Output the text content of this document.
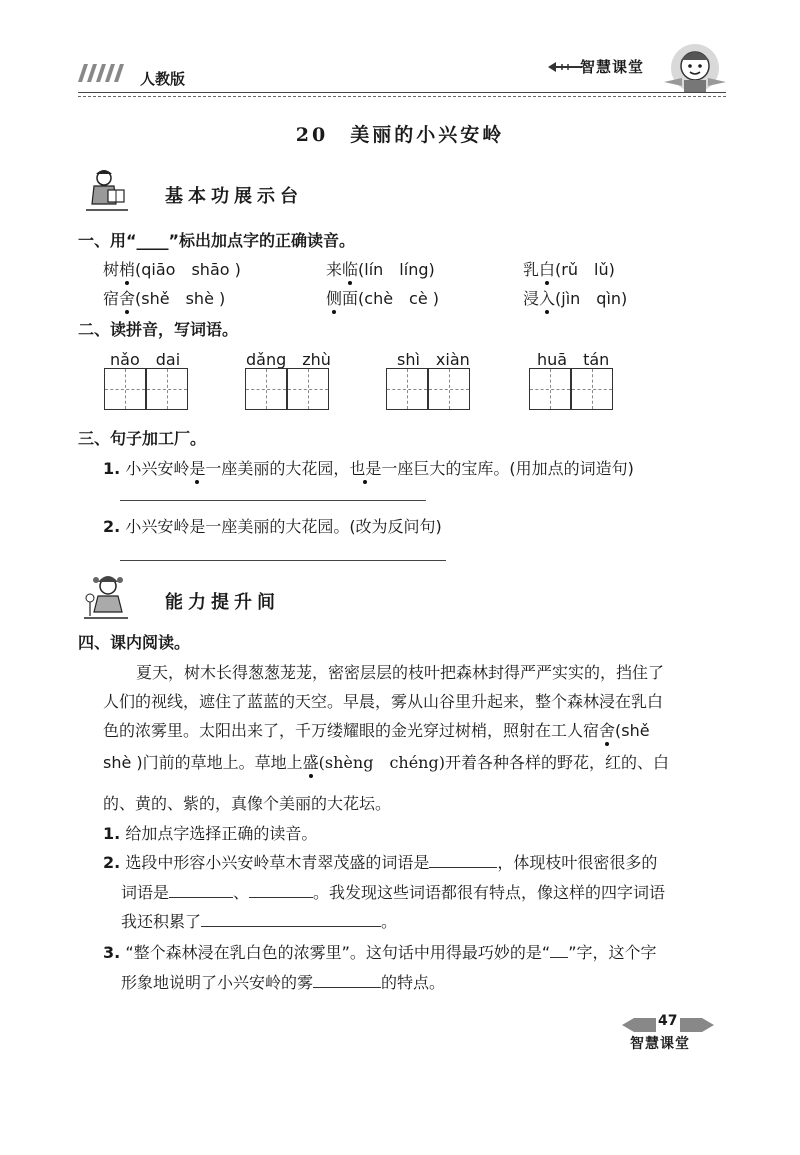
人教版
智慧课堂
20　美丽的小兴安岭
基本功展示台
一、用“____”标出加点字的正确读音。
树梢(qiāo　shāo )	来临(lín　líng)	乳白(rǔ　lǔ)
宿舍(shě　shè )	侧面(chè　cè )	浸入(jìn　qìn)
二、读拼音，写词语。
nǎo　dai	dǎng　zhù	shì　xiàn	huā　tán
三、句子加工厂。
1. 小兴安岭是一座美丽的大花园，也是一座巨大的宝库。(用加点的词造句)
2. 小兴安岭是一座美丽的大花园。(改为反问句)
能力提升间
四、课内阅读。
夏天，树木长得葱葱茏茏，密密层层的枝叶把森林封得严严实实的，挡住了
人们的视线，遮住了蓝蓝的天空。早晨，雾从山谷里升起来，整个森林浸在乳白
色的浓雾里。太阳出来了，千万缕耀眼的金光穿过树梢，照射在工人宿舍(shě
shè )门前的草地上。草地上盛(shèng　chéng)开着各种各样的野花，红的、白
的、黄的、紫的，真像个美丽的大花坛。
1. 给加点字选择正确的读音。
2. 选段中形容小兴安岭草木青翠茂盛的词语是	，体现枝叶很密很多的
词语是	、	。我发现这些词语都很有特点，像这样的四字词语
我还积累了	。
3. “整个森林浸在乳白色的浓雾里”。这句话中用得最巧妙的是“ ”字，这个字
形象地说明了小兴安岭的雾	的特点。
47
智慧课堂
